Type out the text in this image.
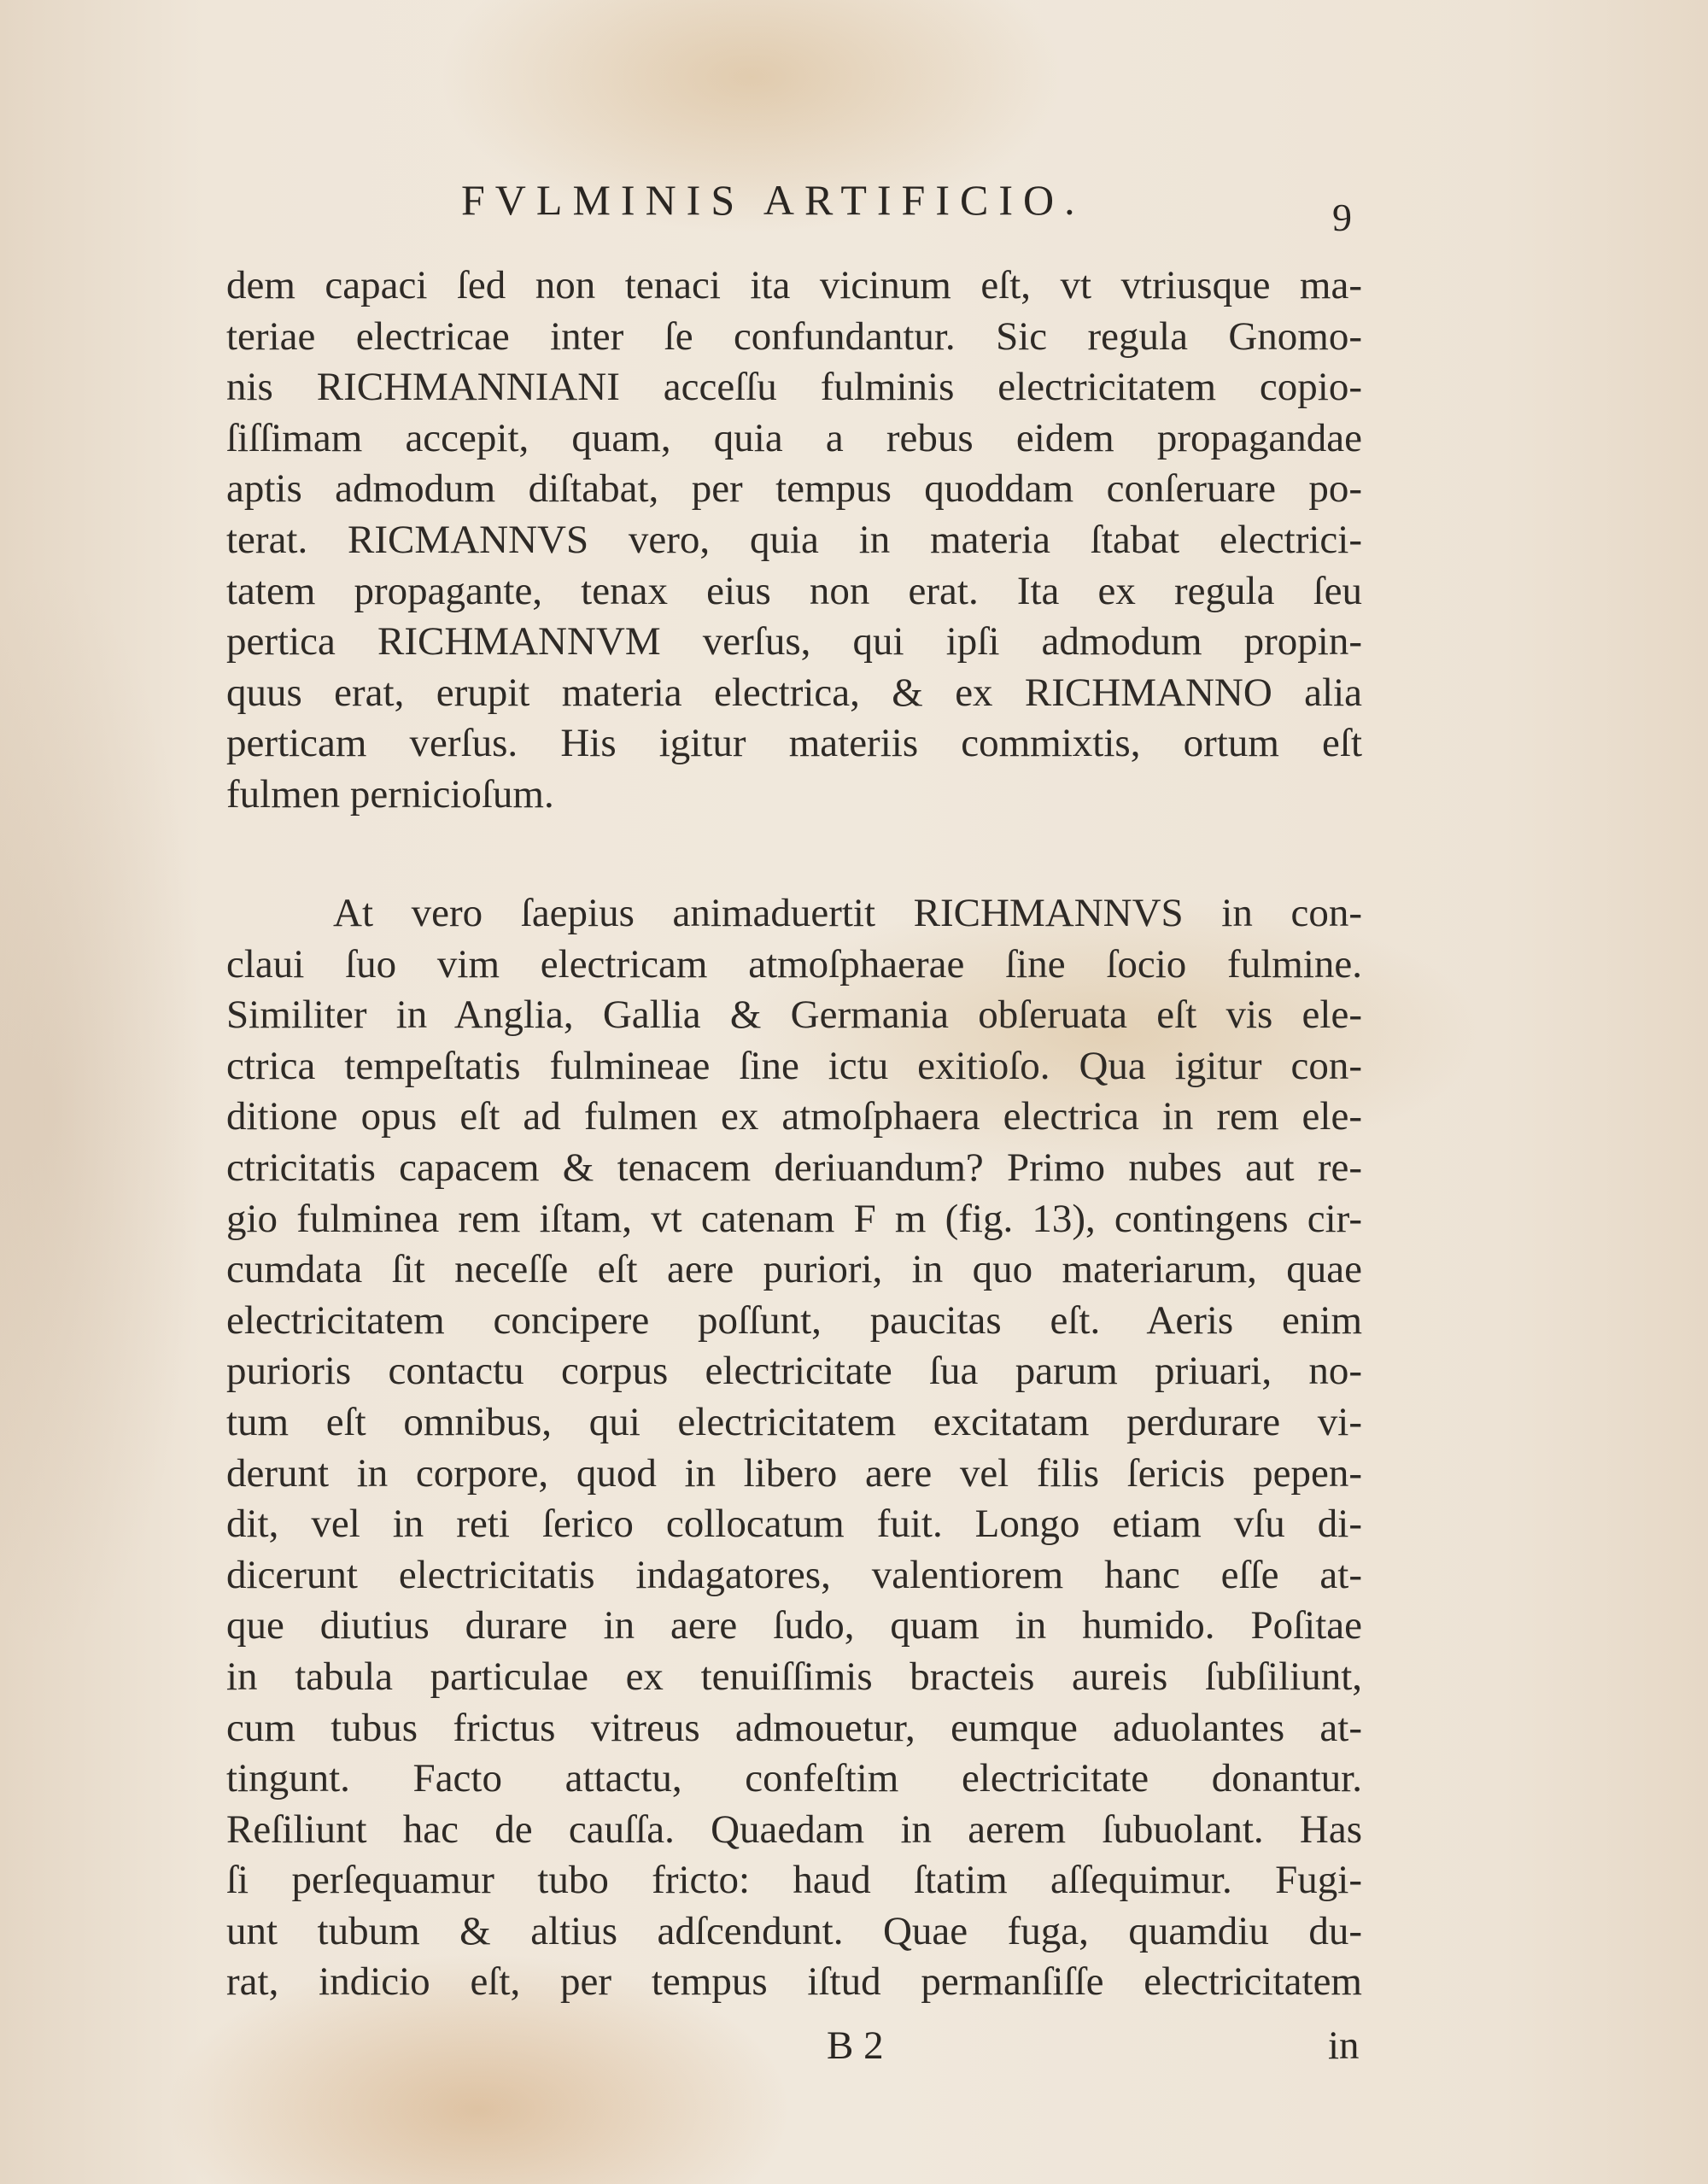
FVLMINIS ARTIFICIO.	9
dem capaci ſed non tenaci ita vicinum eſt, vt vtriusque ma-
teriae electricae inter ſe confundantur. Sic regula Gnomo-
nis RICHMANNIANI acceſſu fulminis electricitatem copio-
ſiſſimam accepit, quam, quia a rebus eidem propagandae
aptis admodum diſtabat, per tempus quoddam conſeruare po-
terat. RICMANNVS vero, quia in materia ſtabat electrici-
tatem propagante, tenax eius non erat. Ita ex regula ſeu
pertica RICHMANNVM verſus, qui ipſi admodum propin-
quus erat, erupit materia electrica, & ex RICHMANNO alia
perticam verſus. His igitur materiis commixtis, ortum eſt
fulmen pernicioſum.
At vero ſaepius animaduertit RICHMANNVS in con-
claui ſuo vim electricam atmoſphaerae ſine ſocio fulmine.
Similiter in Anglia, Gallia & Germania obſeruata eſt vis ele-
ctrica tempeſtatis fulmineae ſine ictu exitioſo. Qua igitur con-
ditione opus eſt ad fulmen ex atmoſphaera electrica in rem ele-
ctricitatis capacem & tenacem deriuandum? Primo nubes aut re-
gio fulminea rem iſtam, vt catenam F m (fig. 13), contingens cir-
cumdata ſit neceſſe eſt aere puriori, in quo materiarum, quae
electricitatem concipere poſſunt, paucitas eſt. Aeris enim
purioris contactu corpus electricitate ſua parum priuari, no-
tum eſt omnibus, qui electricitatem excitatam perdurare vi-
derunt in corpore, quod in libero aere vel filis ſericis pepen-
dit, vel in reti ſerico collocatum fuit. Longo etiam vſu di-
dicerunt electricitatis indagatores, valentiorem hanc eſſe at-
que diutius durare in aere ſudo, quam in humido. Poſitae
in tabula particulae ex tenuiſſimis bracteis aureis ſubſiliunt,
cum tubus frictus vitreus admouetur, eumque aduolantes at-
tingunt. Facto attactu, confeſtim electricitate donantur.
Reſiliunt hac de cauſſa. Quaedam in aerem ſubuolant. Has
ſi perſequamur tubo fricto: haud ſtatim aſſequimur. Fugi-
unt tubum & altius adſcendunt. Quae fuga, quamdiu du-
rat, indicio eſt, per tempus iſtud permanſiſſe electricitatem
B 2	in
